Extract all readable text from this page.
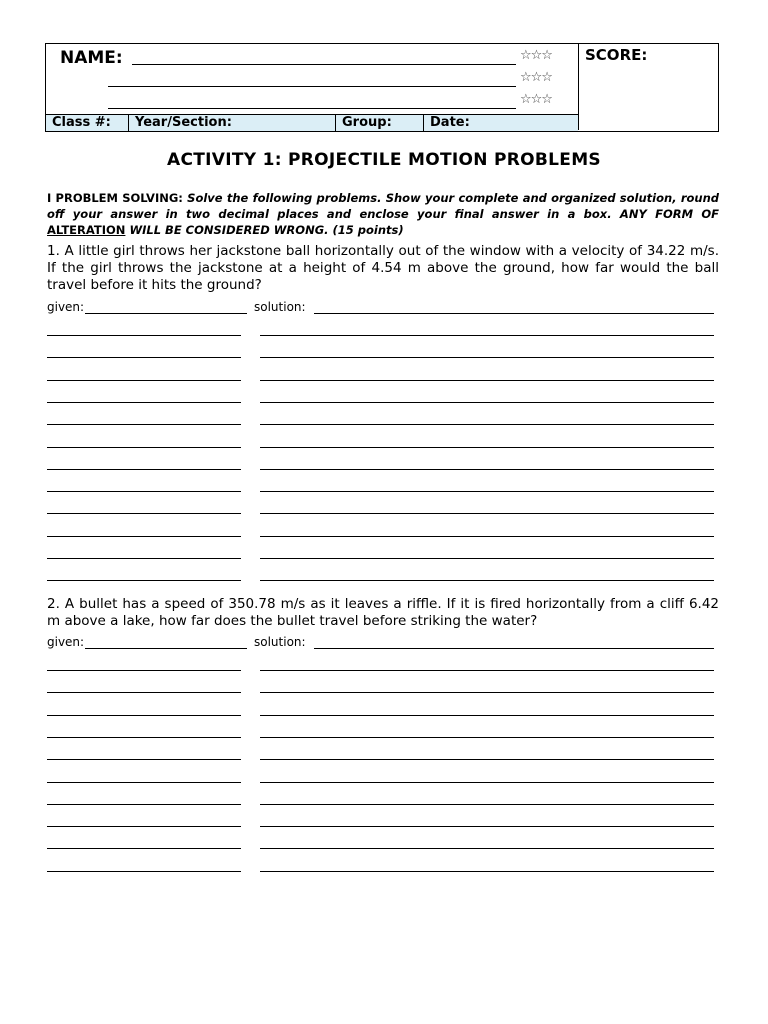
NAME:	☆☆☆
☆☆☆
☆☆☆
SCORE:
Class #:	Year/Section:	Group:	Date:
ACTIVITY 1: PROJECTILE MOTION PROBLEMS
I PROBLEM SOLVING: Solve the following problems. Show your complete and organized solution, round off your answer in two decimal places and enclose your final answer in a box. ANY FORM OF ALTERATION WILL BE CONSIDERED WRONG. (15 points)
1. A little girl throws her jackstone ball horizontally out of the window with a velocity of 34.22 m/s. If the girl throws the jackstone at a height of 4.54 m above the ground, how far would the ball travel before it hits the ground?
given:	solution:
2. A bullet has a speed of 350.78 m/s as it leaves a riffle. If it is fired horizontally from a cliff 6.42 m above a lake, how far does the bullet travel before striking the water?
given:	solution:
